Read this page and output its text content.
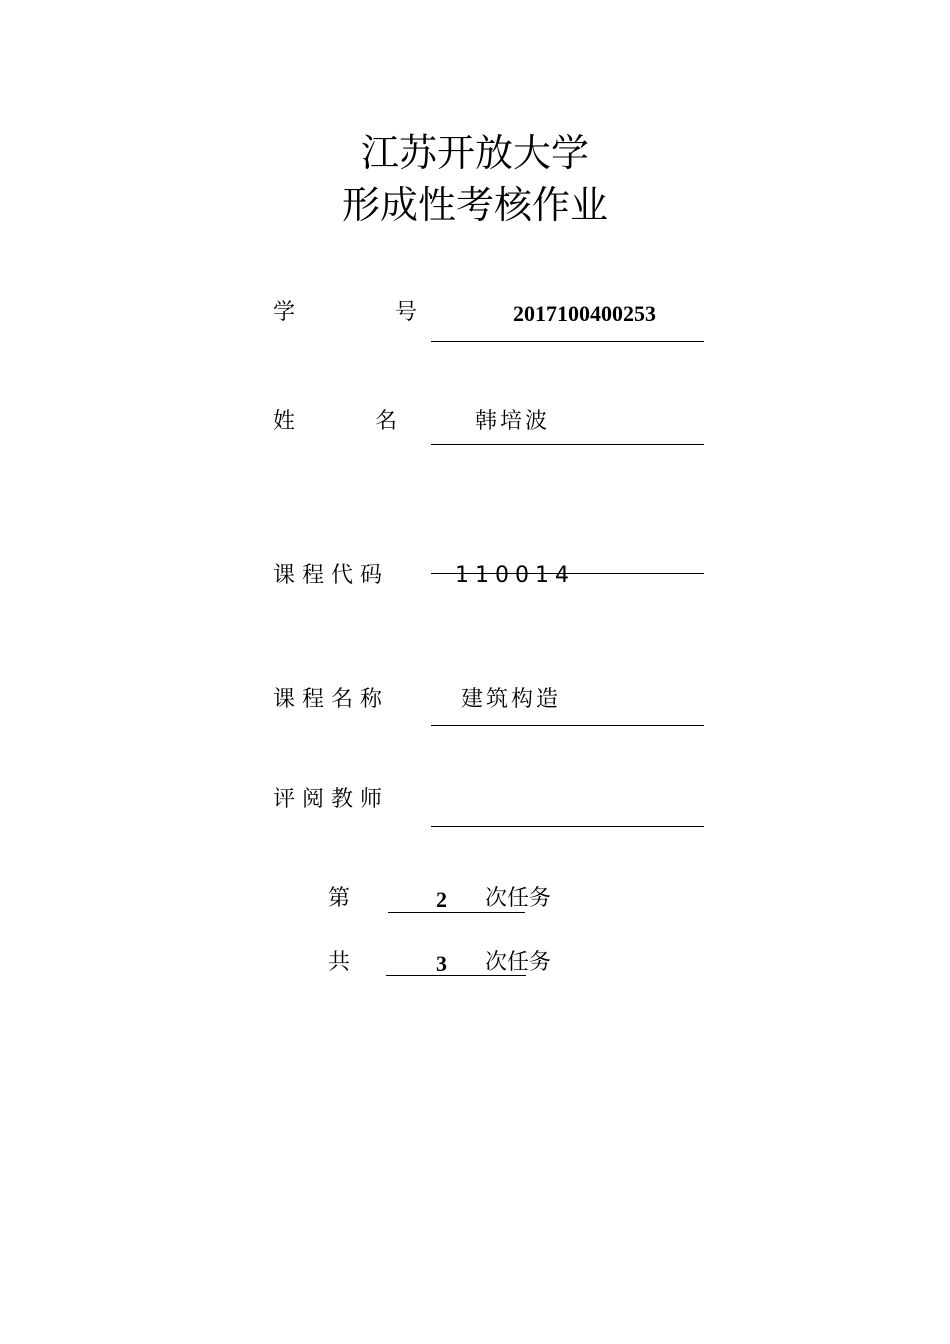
江苏开放大学
形成性考核作业
学	号	2017100400253
姓	名	韩培波
课 程 代 码	110014
课 程 名 称	建筑构造
评 阅 教 师
第	2 次任务
共	3 次任务
